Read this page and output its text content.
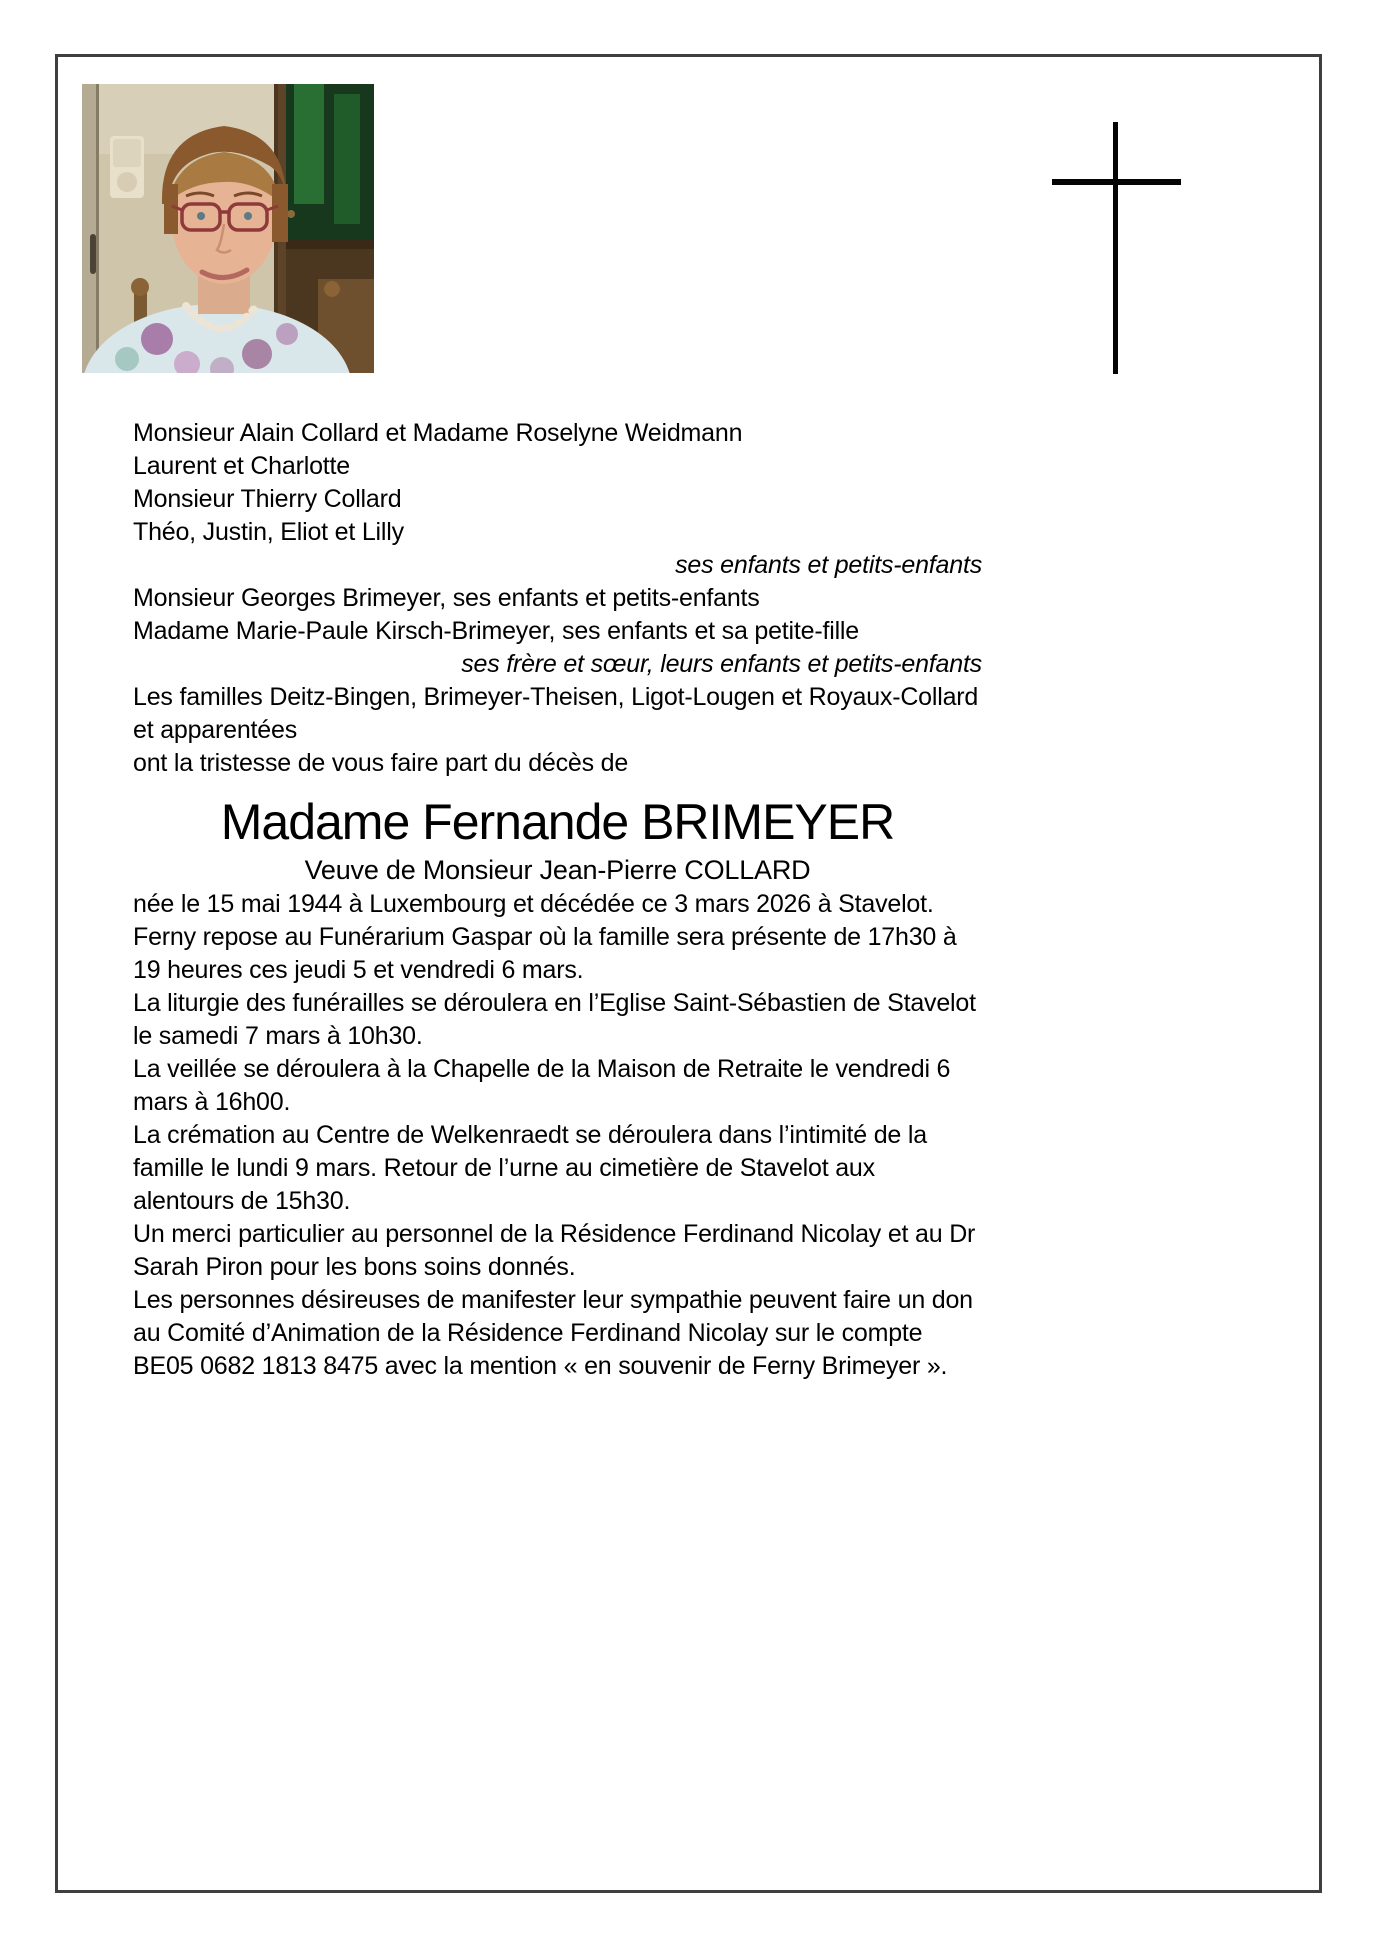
Monsieur Alain Collard et Madame Roselyne Weidmann
Laurent et Charlotte

Monsieur Thierry Collard
Théo, Justin, Eliot et Lilly

ses enfants et petits-enfants

Monsieur Georges Brimeyer, ses enfants et petits-enfants
Madame Marie-Paule Kirsch-Brimeyer, ses enfants et sa petite-fille

ses frère et sœur, leurs enfants et petits-enfants

Les familles Deitz-Bingen, Brimeyer-Theisen, Ligot-Lougen et Royaux-Collard et apparentées

ont la tristesse de vous faire part du décès de

Madame Fernande BRIMEYER

Veuve de Monsieur Jean-Pierre COLLARD

née le 15 mai 1944 à Luxembourg et décédée ce 3 mars 2026 à Stavelot.

Ferny repose au Funérarium Gaspar où la famille sera présente de 17h30 à 19 heures ces jeudi 5 et vendredi 6 mars.

La liturgie des funérailles se déroulera en l’Eglise Saint-Sébastien de Stavelot le samedi 7 mars à 10h30.

La veillée se déroulera à la Chapelle de la Maison de Retraite le vendredi 6 mars à 16h00.

La crémation au Centre de Welkenraedt se déroulera dans l’intimité de la famille le lundi 9 mars. Retour de l’urne au cimetière de Stavelot aux alentours de 15h30.

Un merci particulier au personnel de la Résidence Ferdinand Nicolay et au Dr Sarah Piron pour les bons soins donnés.

Les personnes désireuses de manifester leur sympathie peuvent faire un don au Comité d’Animation de la Résidence Ferdinand Nicolay sur le compte BE05 0682 1813 8475 avec la mention « en souvenir de Ferny Brimeyer ».
